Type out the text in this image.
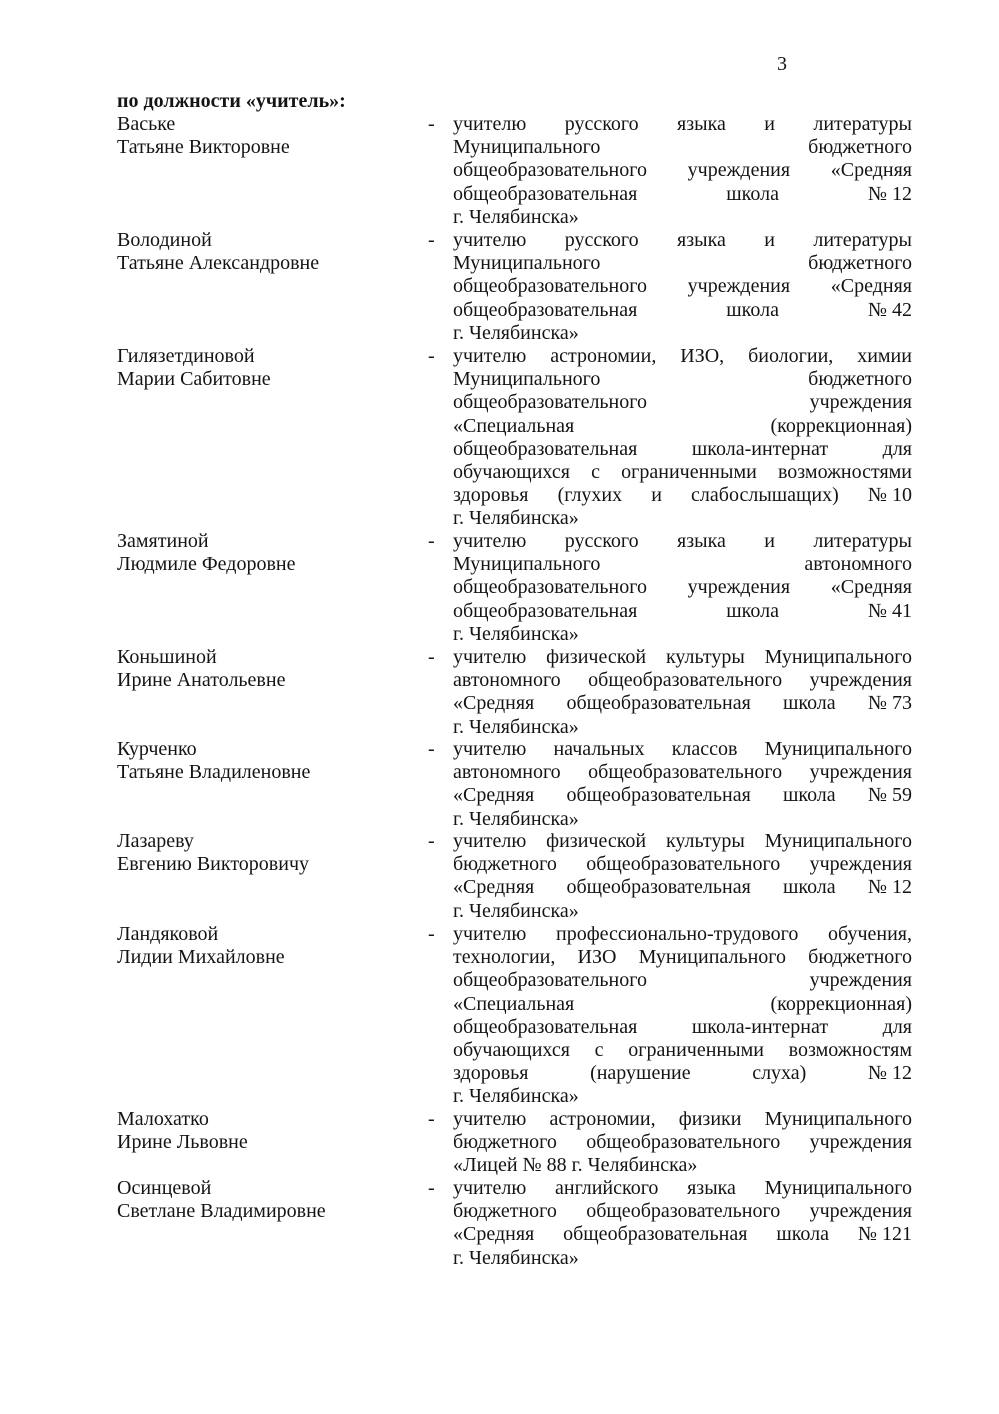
3
по должности «учитель»:
Ваське
Татьяне Викторовне
- учителю русского языка и литературы
Муниципального	бюджетного
общеобразовательного учреждения «Средняя
общеобразовательная	школа	№ 12
г. Челябинска»
Володиной
Татьяне Александровне
- учителю русского языка и литературы
Муниципального	бюджетного
общеобразовательного учреждения «Средняя
общеобразовательная	школа	№ 42
г. Челябинска»
Гилязетдиновой
Марии Сабитовне
- учителю астрономии, ИЗО, биологии, химии
Муниципального	бюджетного
общеобразовательного	учреждения
«Специальная	(коррекционная)
общеобразовательная	школа-интернат	для
обучающихся с ограниченными возможностями
здоровья (глухих и слабослышащих) № 10
г. Челябинска»
Замятиной
Людмиле Федоровне
- учителю русского языка и литературы
Муниципального	автономного
общеобразовательного учреждения «Средняя
общеобразовательная	школа	№ 41
г. Челябинска»
Коньшиной
Ирине Анатольевне
- учителю физической культуры Муниципального
автономного общеобразовательного учреждения
«Средняя общеобразовательная школа № 73
г. Челябинска»
Курченко
Татьяне Владиленовне
- учителю начальных классов Муниципального
автономного общеобразовательного учреждения
«Средняя общеобразовательная школа № 59
г. Челябинска»
Лазареву
Евгению Викторовичу
- учителю физической культуры Муниципального
бюджетного общеобразовательного учреждения
«Средняя общеобразовательная школа № 12
г. Челябинска»
Ландяковой
Лидии Михайловне
- учителю профессионально-трудового обучения,
технологии, ИЗО Муниципального бюджетного
общеобразовательного	учреждения
«Специальная	(коррекционная)
общеобразовательная	школа-интернат	для
обучающихся с ограниченными возможностям
здоровья	(нарушение	слуха)	№ 12
г. Челябинска»
Малохатко
Ирине Львовне
- учителю астрономии, физики Муниципального
бюджетного общеобразовательного учреждения
«Лицей № 88 г. Челябинска»
Осинцевой
Светлане Владимировне
- учителю английского языка Муниципального
бюджетного общеобразовательного учреждения
«Средняя общеобразовательная школа № 121
г. Челябинска»
